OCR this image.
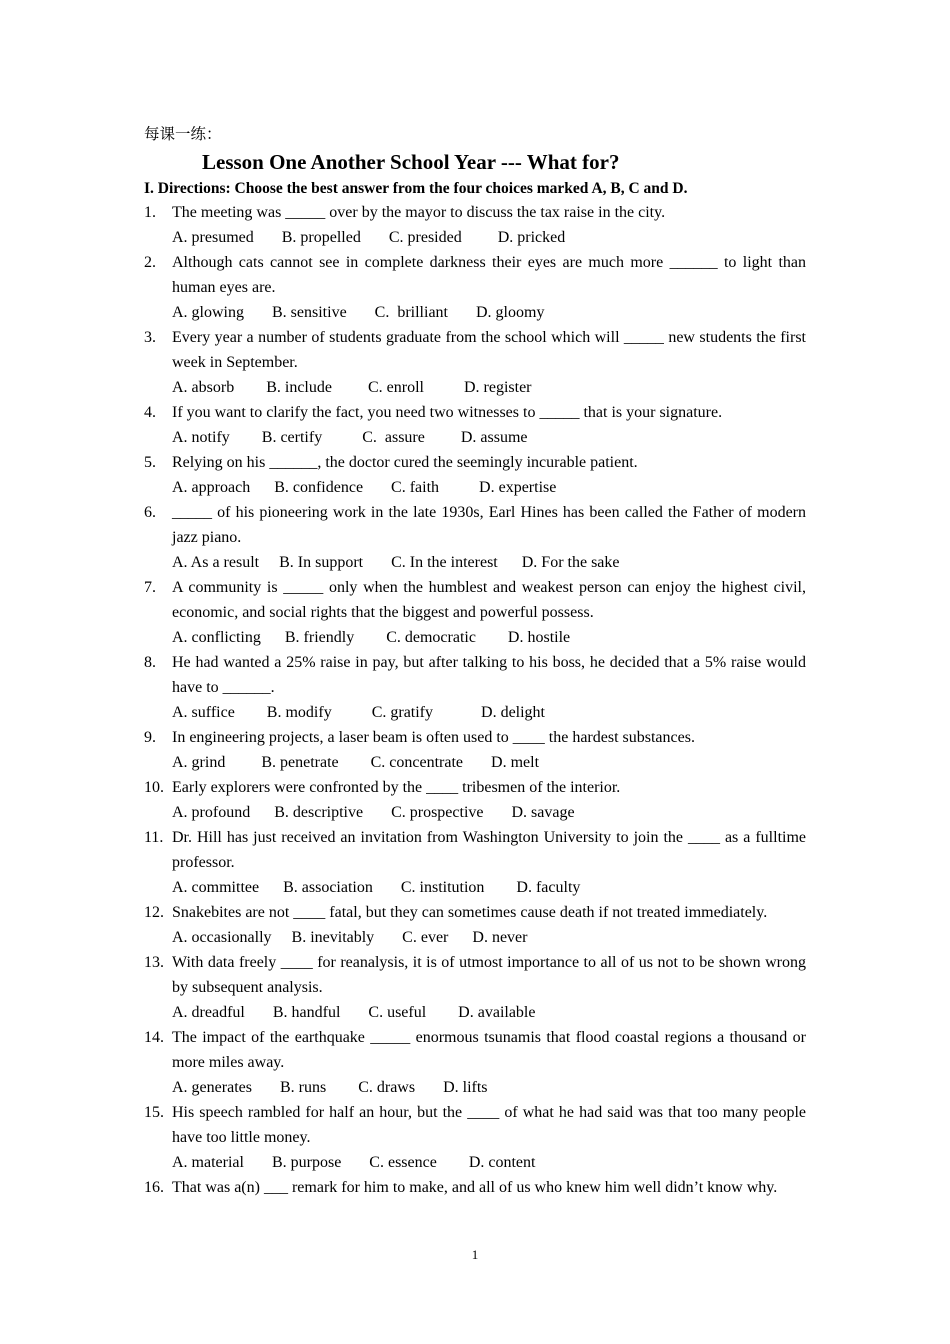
每课一练：
Lesson One Another School Year --- What for?
I. Directions: Choose the best answer from the four choices marked A, B, C and D.
1.	The meeting was _____ over by the mayor to discuss the tax raise in the city.
A. presumed       B. propelled       C. presided         D. pricked
2.	Although cats cannot see in complete darkness their eyes are much more ______ to light than human eyes are.
A. glowing       B. sensitive       C.  brilliant       D. gloomy
3.	Every year a number of students graduate from the school which will _____ new students the first week in September.
A. absorb        B. include         C. enroll          D. register
4.	If you want to clarify the fact, you need two witnesses to _____ that is your signature.
A. notify        B. certify          C.  assure         D. assume
5.	Relying on his ______, the doctor cured the seemingly incurable patient.
A. approach      B. confidence       C. faith          D. expertise
6.	_____ of his pioneering work in the late 1930s, Earl Hines has been called the Father of modern jazz piano.
A. As a result     B. In support       C. In the interest      D. For the sake
7.	A community is _____ only when the humblest and weakest person can enjoy the highest civil, economic, and social rights that the biggest and powerful possess.
A. conflicting      B. friendly        C. democratic        D. hostile
8.	He had wanted a 25% raise in pay, but after talking to his boss, he decided that a 5% raise would have to ______.
A. suffice        B. modify          C. gratify            D. delight
9.	In engineering projects, a laser beam is often used to ____ the hardest substances.
A. grind         B. penetrate        C. concentrate       D. melt
10. Early explorers were confronted by the ____ tribesmen of the interior.
A. profound      B. descriptive       C. prospective       D. savage
11. Dr. Hill has just received an invitation from Washington University to join the ____ as a fulltime professor.
A. committee      B. association       C. institution        D. faculty
12. Snakebites are not ____ fatal, but they can sometimes cause death if not treated immediately.
A. occasionally     B. inevitably       C. ever      D. never
13. With data freely ____ for reanalysis, it is of utmost importance to all of us not to be shown wrong by subsequent analysis.
A. dreadful       B. handful       C. useful        D. available
14. The impact of the earthquake _____ enormous tsunamis that flood coastal regions a thousand or more miles away.
A. generates       B. runs        C. draws       D. lifts
15. His speech rambled for half an hour, but the ____ of what he had said was that too many people have too little money.
A. material       B. purpose       C. essence        D. content
16. That was a(n) ___ remark for him to make, and all of us who knew him well didn’t know why.
1
